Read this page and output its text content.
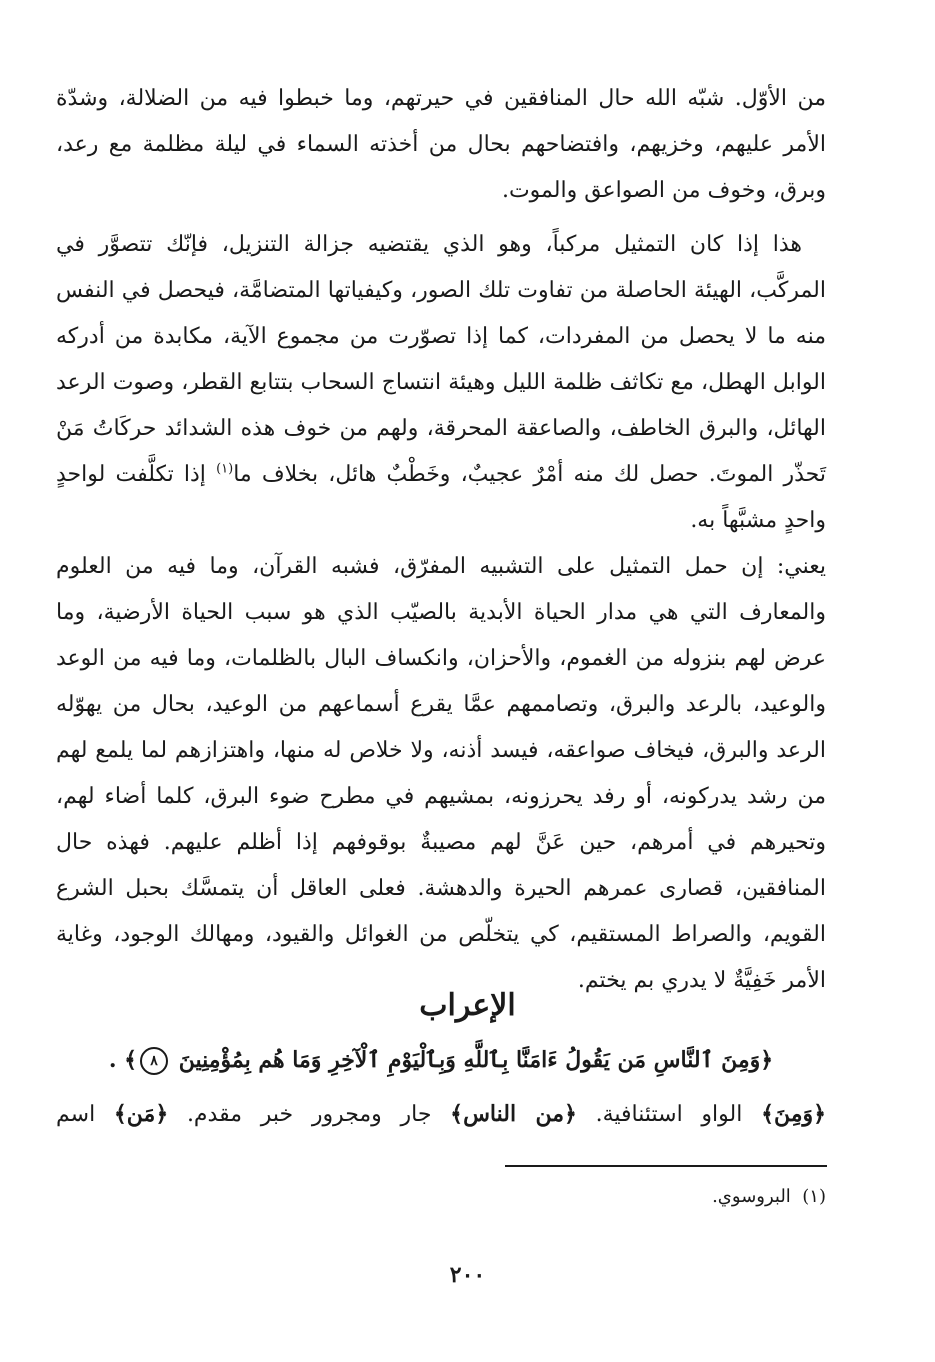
من الأوّل. شبّه الله حال المنافقين في حيرتهم، وما خبطوا فيه من الضلالة، وشدّة الأمر عليهم، وخزيهم، وافتضاحهم بحال من أخذته السماء في ليلة مظلمة مع رعد، وبرق، وخوف من الصواعق والموت.

هذا إذا كان التمثيل مركباً، وهو الذي يقتضيه جزالة التنزيل، فإنّك تتصوَّر في المركَّب، الهيئة الحاصلة من تفاوت تلك الصور، وكيفياتها المتضامَّة، فيحصل في النفس منه ما لا يحصل من المفردات، كما إذا تصوّرت من مجموع الآية، مكابدة من أدركه الوابل الهطل، مع تكاثف ظلمة الليل وهيئة انتساج السحاب بتتابع القطر، وصوت الرعد الهائل، والبرق الخاطف، والصاعقة المحرقة، ولهم من خوف هذه الشدائد حركَاتُ مَنْ تَحذّر الموتَ. حصل لك منه أمْرٌ عجيبٌ، وخَطْبٌ هائل، بخلاف ما$^{(١)}$ إذا تكلَّفت لواحدٍ واحدٍ مشبَّهاً به.

يعني: إن حمل التمثيل على التشبيه المفرّق، فشبه القرآن، وما فيه من العلوم والمعارف التي هي مدار الحياة الأبدية بالصيّب الذي هو سبب الحياة الأرضية، وما عرض لهم بنزوله من الغموم، والأحزان، وانكساف البال بالظلمات، وما فيه من الوعد والوعيد، بالرعد والبرق، وتصاممهم عمَّا يقرع أسماعهم من الوعيد، بحال من يهوّله الرعد والبرق، فيخاف صواعقه، فيسد أذنه، ولا خلاص له منها، واهتزازهم لما يلمع لهم من رشد يدركونه، أو رفد يحرزونه، بمشيهم في مطرح ضوء البرق، كلما أضاء لهم، وتحيرهم في أمرهم، حين عَنَّ لهم مصيبةٌ بوقوفهم إذا أظلم عليهم. فهذه حال المنافقين، قصارى عمرهم الحيرة والدهشة. فعلى العاقل أن يتمسَّك بحبل الشرع القويم، والصراط المستقيم، كي يتخلّص من الغوائل والقيود، ومهالك الوجود، وغاية الأمر خَفِيَّةٌ لا يدري بم يختم.

الإعراب
﴿وَمِنَ ٱلنَّاسِ مَن يَقُولُ ءَامَنَّا بِٱللَّهِ وَبِٱلْيَوْمِ ٱلْآخِرِ وَمَا هُم بِمُؤْمِنِينَ ٨﴾ .
﴿وَمِنَ﴾ الواو استئنافية. ﴿من الناس﴾ جار ومجرور خبر مقدم. ﴿مَن﴾ اسم
(١)  البروسوي.
٢٠٠
